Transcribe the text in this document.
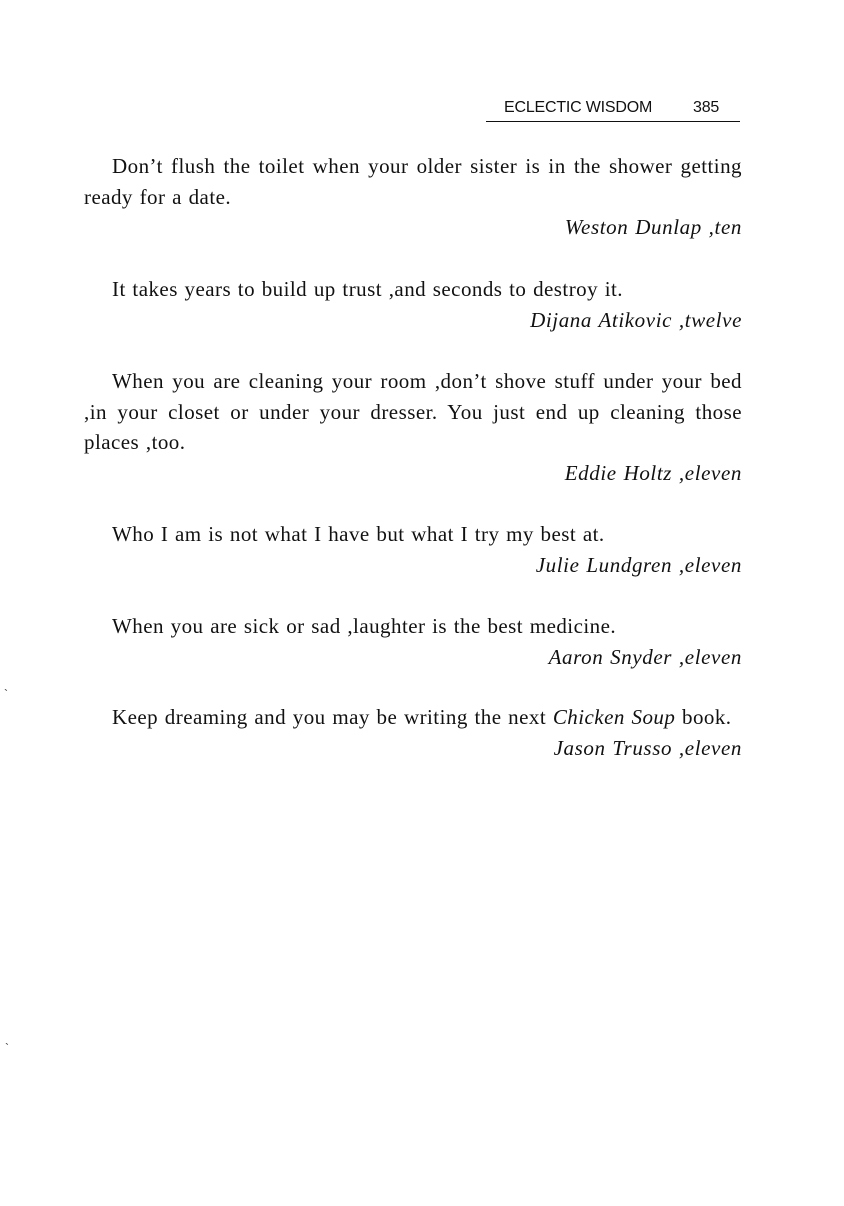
ECLECTIC WISDOM	385

Don’t flush the toilet when your older sister is in the shower getting ready for a date.

Weston Dunlap ,ten

It takes years to build up trust ,and seconds to destroy it.

Dijana Atikovic ,twelve

When you are cleaning your room ,don’t shove stuff under your bed ,in your closet or under your dresser. You just end up cleaning those places ,too.

Eddie Holtz ,eleven

Who I am is not what I have but what I try my best at.

Julie Lundgren ,eleven

When you are sick or sad ,laughter is the best medicine.

Aaron Snyder ,eleven

Keep dreaming and you may be writing the next Chicken Soup book.

Jason Trusso ,eleven
˴
˴
